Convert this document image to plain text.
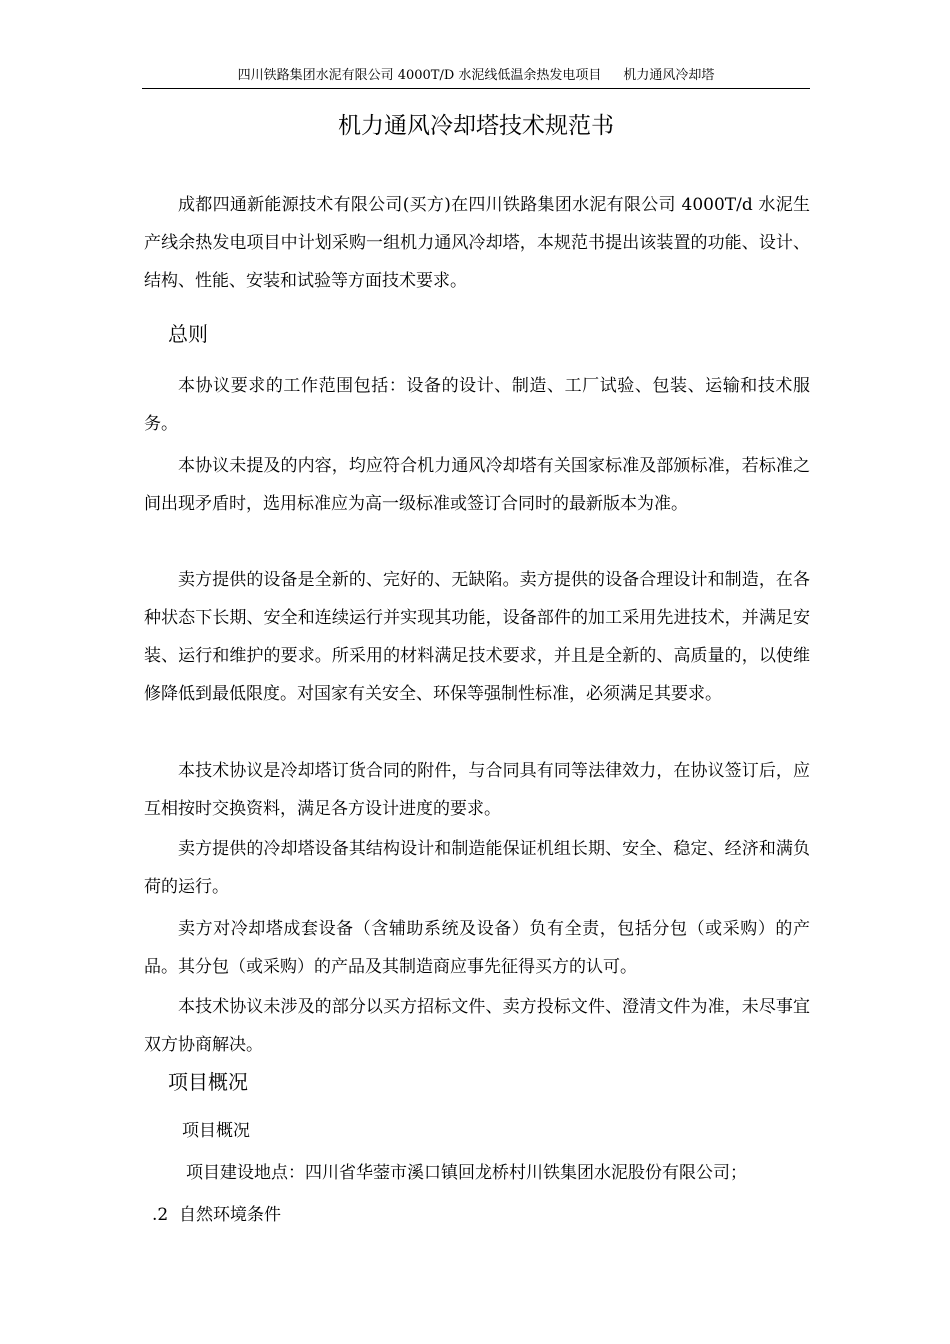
四川铁路集团水泥有限公司 4000T/D 水泥线低温余热发电项目 机力通风冷却塔
机力通风冷却塔技术规范书
成都四通新能源技术有限公司(买方)在四川铁路集团水泥有限公司 4000T/d 水泥生产线余热发电项目中计划采购一组机力通风冷却塔，本规范书提出该装置的功能、设计、结构、性能、安装和试验等方面技术要求。
总则
本协议要求的工作范围包括：设备的设计、制造、工厂试验、包装、运输和技术服务。
本协议未提及的内容，均应符合机力通风冷却塔有关国家标准及部颁标准，若标准之间出现矛盾时，选用标准应为高一级标准或签订合同时的最新版本为准。
卖方提供的设备是全新的、完好的、无缺陷。卖方提供的设备合理设计和制造，在各种状态下长期、安全和连续运行并实现其功能，设备部件的加工采用先进技术，并满足安装、运行和维护的要求。所采用的材料满足技术要求，并且是全新的、高质量的，以使维修降低到最低限度。对国家有关安全、环保等强制性标准，必须满足其要求。
本技术协议是冷却塔订货合同的附件，与合同具有同等法律效力，在协议签订后，应互相按时交换资料，满足各方设计进度的要求。
卖方提供的冷却塔设备其结构设计和制造能保证机组长期、安全、稳定、经济和满负荷的运行。
卖方对冷却塔成套设备（含辅助系统及设备）负有全责，包括分包（或采购）的产品。其分包（或采购）的产品及其制造商应事先征得买方的认可。
本技术协议未涉及的部分以买方招标文件、卖方投标文件、澄清文件为准，未尽事宜双方协商解决。
项目概况
项目概况
项目建设地点：四川省华蓥市溪口镇回龙桥村川铁集团水泥股份有限公司；
.2 自然环境条件
